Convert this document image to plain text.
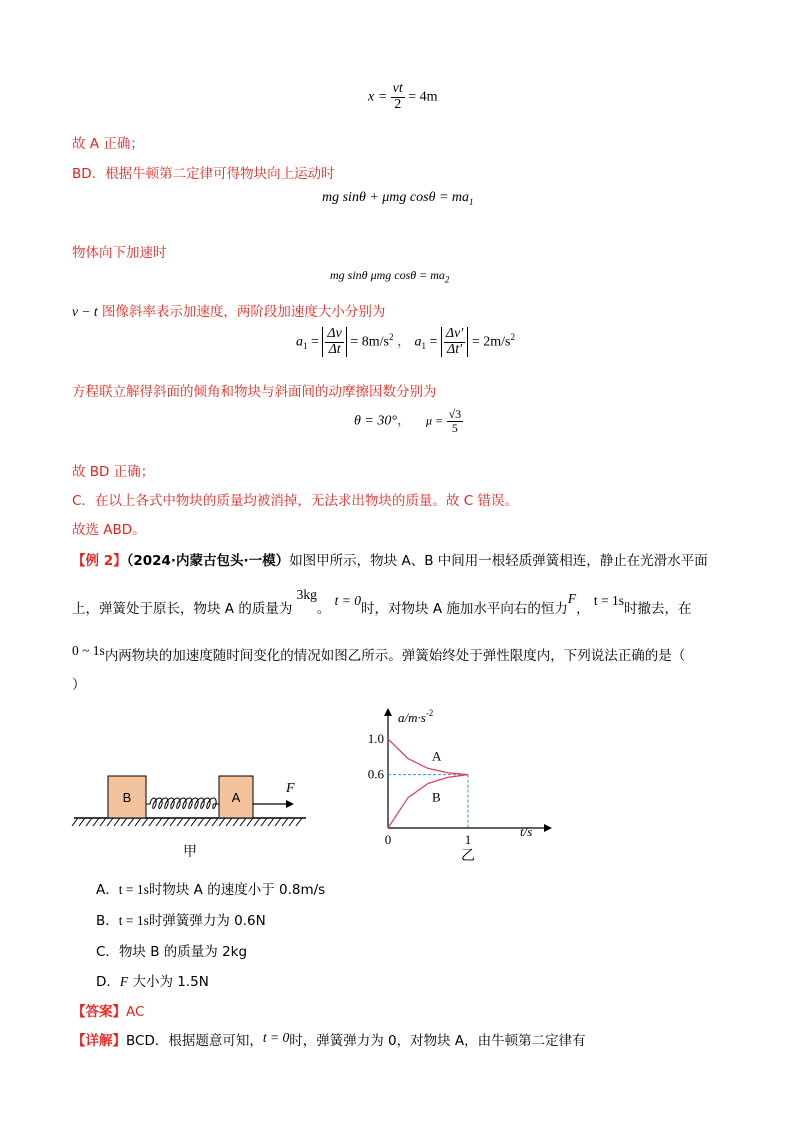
$x = \frac{vt}{2} = 4m$
故 A 正确；
BD．根据牛顿第二定律可得物块向上运动时
mg sinθ + μmg $\cos\theta = ma_1$
物体向下加速时
mg sinθ μmg $\cos\theta = ma_2$
v − t 图像斜率表示加速度，两阶段加速度大小分别为
$a_1 = \frac{\Delta v}{\Delta t} = 8m/s^2$ ， $a_1 = \frac{\Delta v'}{\Delta t'} = 2m/s^2$
方程联立解得斜面的倾角和物块与斜面间的动摩擦因数分别为
θ = 30°， $\mu = \frac{√3}{5}$
故 BD 正确；
C．在以上各式中物块的质量均被消掉，无法求出物块的质量。故 C 错误。
故选 ABD。
【例 2】（2024·内蒙古包头·一模）如图甲所示，物块 A、B 中间用一根轻质弹簧相连，静止在光滑水平面
上，弹簧处于原长，物块 A 的质量为 3kg。 t = 0时，对物块 A 施加水平向右的恒力F， t = 1s时撤去，在
0 ~ 1s内两物块的加速度随时间变化的情况如图乙所示。弹簧始终处于弹性限度内，下列说法正确的是（
）
B	A
F
甲
$a/m\cdot s^{-2}$
t/s
1.0
0.6
0	1
A
B
乙
A．t = 1s时物块 A 的速度小于 0.8m/s
B．t = 1s时弹簧弹力为 0.6N
C．物块 B 的质量为 2kg
D．F 大小为 1.5N
【答案】AC
【详解】BCD．根据题意可知，t = 0时，弹簧弹力为 0，对物块 A，由牛顿第二定律有
